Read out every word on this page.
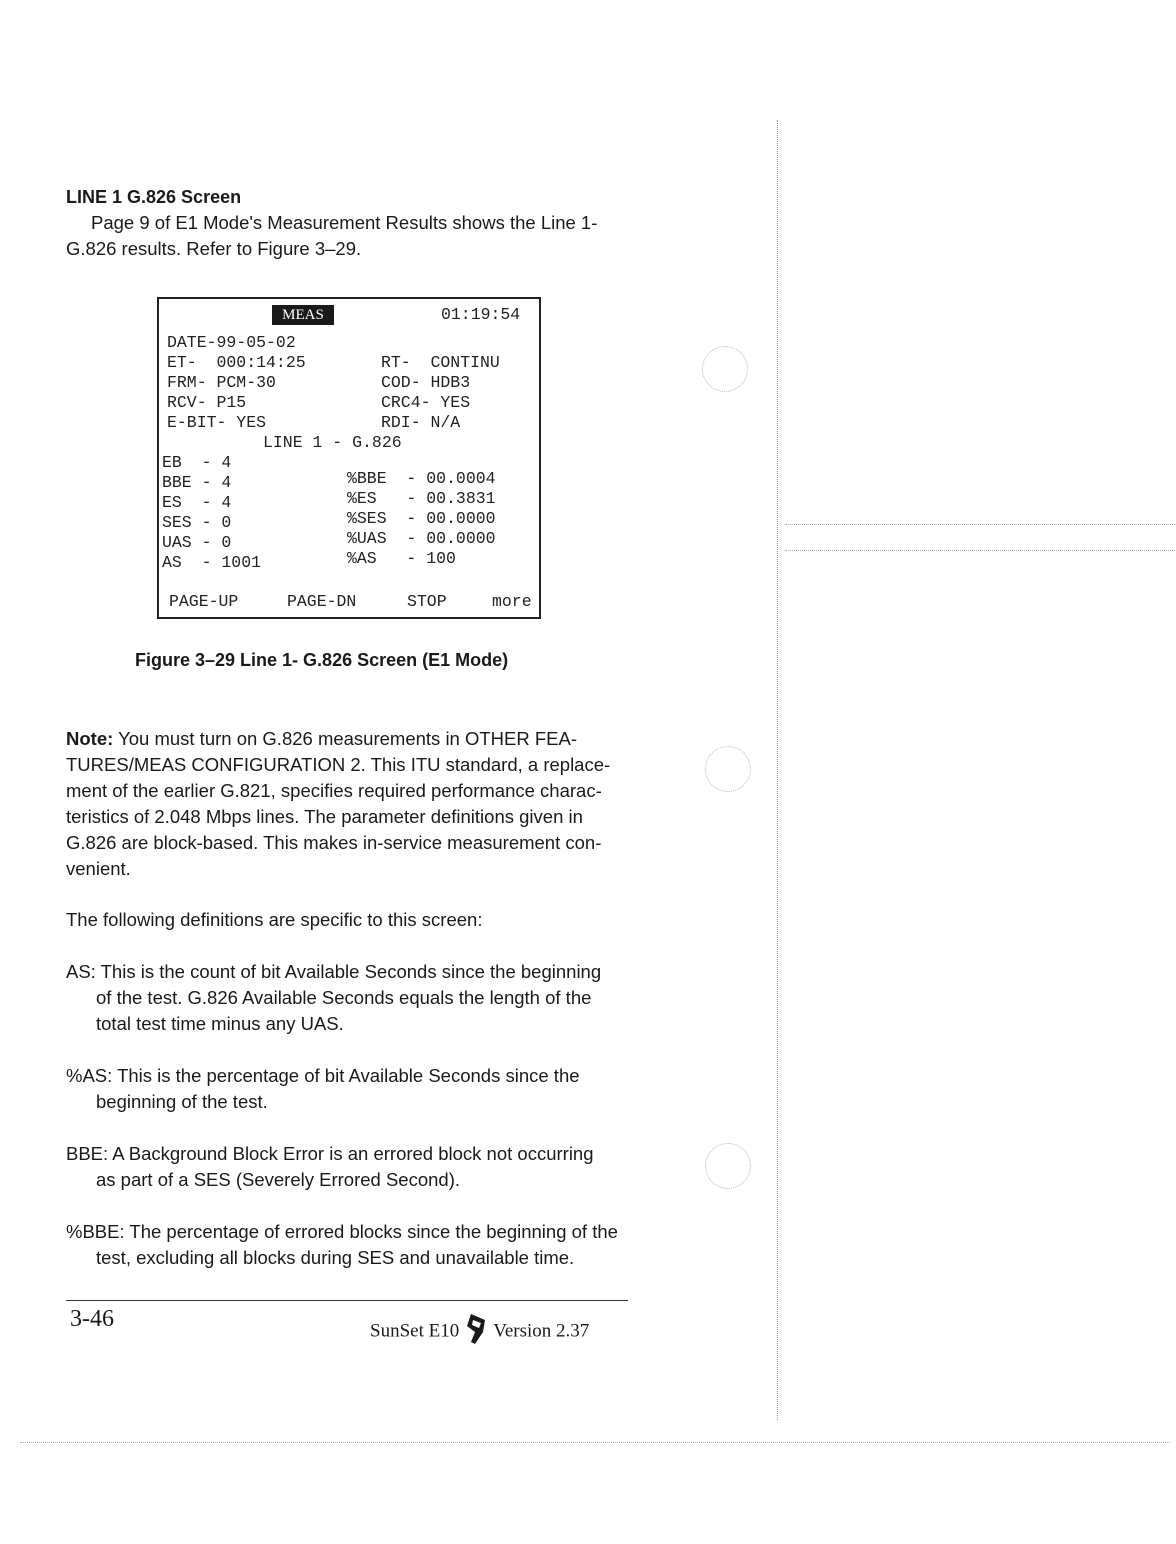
LINE 1 G.826 Screen
Page 9 of E1 Mode's Measurement Results shows the Line 1-
G.826 results. Refer to Figure 3–29.
MEAS	01:19:54
DATE-99-05-02
ET-  000:14:25	RT-  CONTINU
FRM- PCM-30	COD- HDB3
RCV- P15	CRC4- YES
E-BIT- YES	RDI- N/A
LINE 1 - G.826
EB  - 4
BBE - 4	%BBE  - 00.0004
ES  - 4	%ES   - 00.3831
SES - 0	%SES  - 00.0000
UAS - 0	%UAS  - 00.0000
AS  - 1001	%AS   - 100
PAGE-UP	PAGE-DN	STOP	more
Figure 3–29 Line 1- G.826 Screen (E1 Mode)
Note: You must turn on G.826 measurements in OTHER FEA-
TURES/MEAS CONFIGURATION 2. This ITU standard, a replace-
ment of the earlier G.821, specifies required performance charac-
teristics of 2.048 Mbps lines. The parameter definitions given in
G.826 are block-based. This makes in-service measurement con-
venient.
The following definitions are specific to this screen:
AS: This is the count of bit Available Seconds since the beginning
of the test. G.826 Available Seconds equals the length of the
total test time minus any UAS.
%AS: This is the percentage of bit Available Seconds since the
beginning of the test.
BBE: A Background Block Error is an errored block not occurring
as part of a SES (Severely Errored Second).
%BBE: The percentage of errored blocks since the beginning of the
test, excluding all blocks during SES and unavailable time.
3-46	SunSet E10 Version 2.37
